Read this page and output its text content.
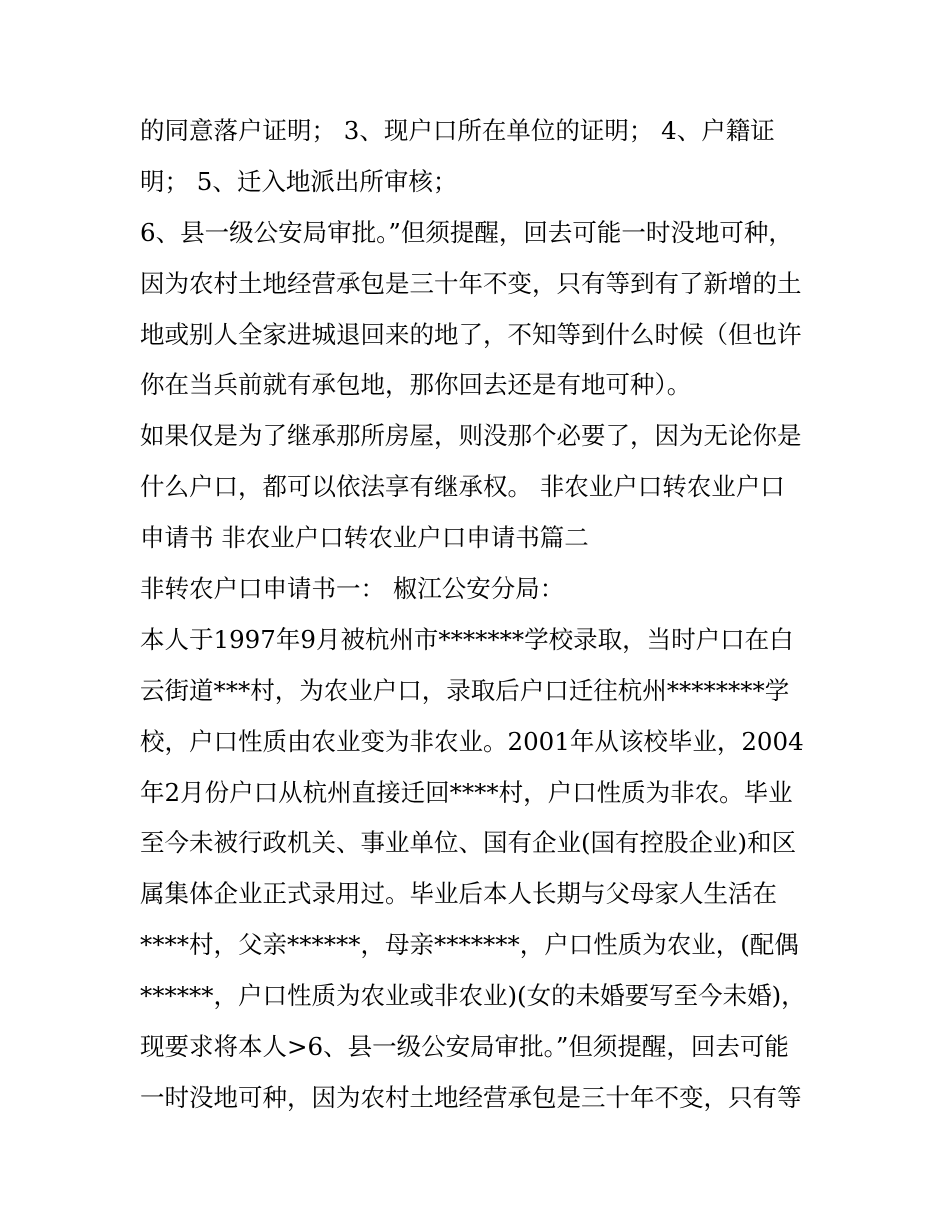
的同意落户证明； 3、现户口所在单位的证明； 4、户籍证
明； 5、迁入地派出所审核；
6、县一级公安局审批。”但须提醒，回去可能一时没地可种，
因为农村土地经营承包是三十年不变，只有等到有了新增的土
地或别人全家进城退回来的地了，不知等到什么时候（但也许
你在当兵前就有承包地，那你回去还是有地可种）。
如果仅是为了继承那所房屋，则没那个必要了，因为无论你是
什么户口，都可以依法享有继承权。 非农业户口转农业户口
申请书 非农业户口转农业户口申请书篇二
非转农户口申请书一： 椒江公安分局：
本人于1997年9月被杭州市*******学校录取，当时户口在白
云街道***村，为农业户口，录取后户口迁往杭州********学
校，户口性质由农业变为非农业。2001年从该校毕业，2004
年2月份户口从杭州直接迁回****村，户口性质为非农。毕业
至今未被行政机关、事业单位、国有企业(国有控股企业)和区
属集体企业正式录用过。毕业后本人长期与父母家人生活在
****村，父亲******，母亲*******，户口性质为农业，(配偶
******，户口性质为农业或非农业)(女的未婚要写至今未婚)，
现要求将本人>6、县一级公安局审批。”但须提醒，回去可能
一时没地可种，因为农村土地经营承包是三十年不变，只有等
